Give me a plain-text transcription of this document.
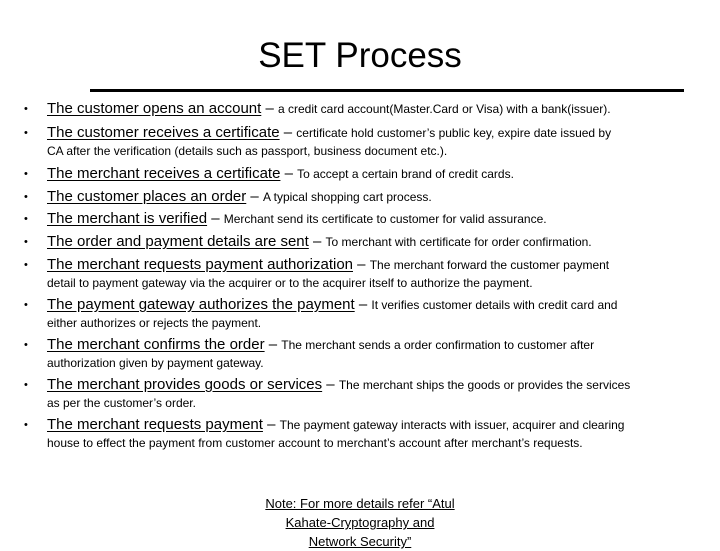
SET Process
• The customer opens an account – a credit card account(Master.Card or Visa) with a bank(issuer).
• The customer receives a certificate – certificate hold customer’s public key, expire date issued by
CA after the verification (details such as passport, business document etc.).
• The merchant receives a certificate – To accept a certain brand of credit cards.
• The customer places an order – A typical shopping cart process.
• The merchant is verified – Merchant send its certificate to customer for valid assurance.
• The order and payment details are sent – To merchant with certificate for order confirmation.
• The merchant requests payment authorization – The merchant forward the customer payment
detail to payment gateway via the acquirer or to the acquirer itself to authorize the payment.
• The payment gateway authorizes the payment – It verifies customer details with credit card and
either authorizes or rejects the payment.
• The merchant confirms the order – The merchant sends a order confirmation to customer after
authorization given by payment gateway.
• The merchant provides goods or services – The merchant ships the goods or provides the services
as per the customer’s order.
• The merchant requests payment – The payment gateway interacts with issuer, acquirer and clearing
house to effect the payment from customer account to merchant’s account after merchant’s requests.
Note: For more details refer “Atul
Kahate-Cryptography and
Network Security”
